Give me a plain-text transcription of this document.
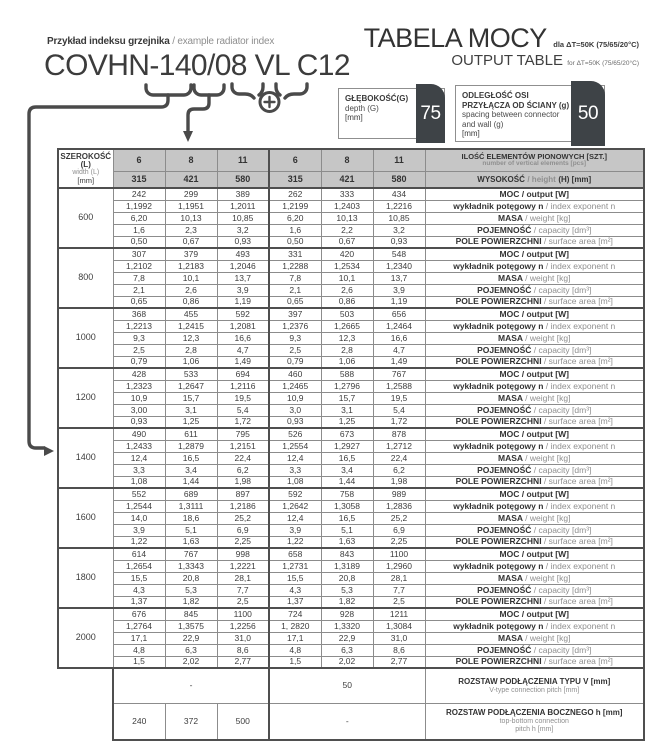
Przykład indeksu grzejnika / example radiator index
COVHN-140/08 VL C12
TABELA MOCY dla ΔT=50K (75/65/20°C)
OUTPUT TABLE for ΔT=50K (75/65/20°C)
GŁĘBOKOŚĆ(G)
depth (G)
[mm]	75
ODLEGŁOŚĆ OSI PRZYŁĄCZA OD ŚCIANY (g)
spacing between connector and wall (g)
[mm]
50
SZEROKOŚĆ (L)
width (L)
[mm]
	6	8	11	6	8	11	ILOŚĆ ELEMENTÓW PIONOWYCH [SZT.]
number of vertical elements [pcs]

	315	421	580	315	421	580	WYSOKOŚĆ / height (H) [mm]
600	242	299	389	262	333	434	MOC / output [W]
	1,1992	1,1951	1,2011	1,2199	1,2403	1,2216	wykładnik potęgowy n / index exponent n
	6,20	10,13	10,85	6,20	10,13	10,85	MASA / weight [kg]
	1,6	2,3	3,2	1,6	2,2	3,2	POJEMNOŚĆ / capacity [dm³]
	0,50	0,67	0,93	0,50	0,67	0,93	POLE POWIERZCHNI / surface area [m²]
800	307	379	493	331	420	548	MOC / output [W]
	1,2102	1,2183	1,2046	1,2288	1,2534	1,2340	wykładnik potęgowy n / index exponent n
	7,8	10,1	13,7	7,8	10,1	13,7	MASA / weight [kg]
	2,1	2,6	3,9	2,1	2,6	3,9	POJEMNOŚĆ / capacity [dm³]
	0,65	0,86	1,19	0,65	0,86	1,19	POLE POWIERZCHNI / surface area [m²]
1000	368	455	592	397	503	656	MOC / output [W]
	1,2213	1,2415	1,2081	1,2376	1,2665	1,2464	wykładnik potęgowy n / index exponent n
	9,3	12,3	16,6	9,3	12,3	16,6	MASA / weight [kg]
	2,5	2,8	4,7	2,5	2,8	4,7	POJEMNOŚĆ / capacity [dm³]
	0,79	1,06	1,49	0,79	1,06	1,49	POLE POWIERZCHNI / surface area [m²]
1200	428	533	694	460	588	767	MOC / output [W]
	1,2323	1,2647	1,2116	1,2465	1,2796	1,2588	wykładnik potęgowy n / index exponent n
	10,9	15,7	19,5	10,9	15,7	19,5	MASA / weight [kg]
	3,00	3,1	5,4	3,0	3,1	5,4	POJEMNOŚĆ / capacity [dm³]
	0,93	1,25	1,72	0,93	1,25	1,72	POLE POWIERZCHNI / surface area [m²]
1400	490	611	795	526	673	878	MOC / output [W]
	1,2433	1,2879	1,2151	1,2554	1,2927	1,2712	wykładnik potęgowy n / index exponent n
	12,4	16,5	22,4	12,4	16,5	22,4	MASA / weight [kg]
	3,3	3,4	6,2	3,3	3,4	6,2	POJEMNOŚĆ / capacity [dm³]
	1,08	1,44	1,98	1,08	1,44	1,98	POLE POWIERZCHNI / surface area [m²]
1600	552	689	897	592	758	989	MOC / output [W]
	1,2544	1,3111	1,2186	1,2642	1,3058	1,2836	wykładnik potęgowy n / index exponent n
	14,0	18,6	25,2	12,4	16,5	25,2	MASA / weight [kg]
	3,9	5,1	6,9	3,9	5,1	6,9	POJEMNOŚĆ / capacity [dm³]
	1,22	1,63	2,25	1,22	1,63	2,25	POLE POWIERZCHNI / surface area [m²]
1800	614	767	998	658	843	1100	MOC / output [W]
	1,2654	1,3343	1,2221	1,2731	1,3189	1,2960	wykładnik potęgowy n / index exponent n
	15,5	20,8	28,1	15,5	20,8	28,1	MASA / weight [kg]
	4,3	5,3	7,7	4,3	5,3	7,7	POJEMNOŚĆ / capacity [dm³]
	1,37	1,82	2,5	1,37	1,82	2,5	POLE POWIERZCHNI / surface area [m²]
2000	676	845	1100	724	928	1211	MOC / output [W]
	1,2764	1,3575	1,2256	1, 2820	1,3320	1,3084	wykładnik potęgowy n / index exponent n
	17,1	22,9	31,0	17,1	22,9	31,0	MASA / weight [kg]
	4,8	6,3	8,6	4,8	6,3	8,6	POJEMNOŚĆ / capacity [dm³]
	1,5	2,02	2,77	1,5	2,02	2,77	POLE POWIERZCHNI / surface area [m²]
	-			50			ROZSTAW PODŁĄCZENIA TYPU V [mm]
V-type connection pitch [mm]

	240	372	500	-			ROZSTAW PODŁĄCZENIA BOCZNEGO h [mm]
top-bottom connection
pitch h [mm]
